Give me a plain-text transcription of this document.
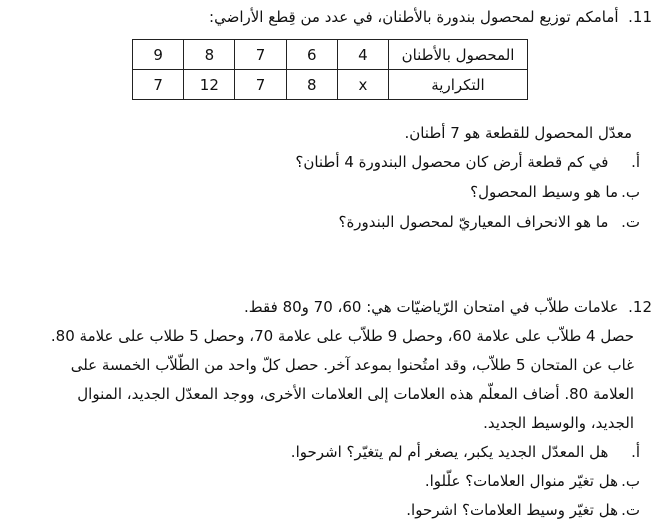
11.  أمامكم توزيع لمحصول بندورة بالأطنان، في عدد من قِطع الأراضي:
المحصول بالأطنان	4	6	7	8	9
التكرارية	x	8	7	12	7
معدّل المحصول للقطعة هو 7 أطنان.
أ.  في كم قطعة أرض كان محصول البندورة 4 أطنان؟
ب.ما هو وسيط المحصول؟
ت.  ما هو الانحراف المعياريّ لمحصول البندورة؟
12.  علامات طلاّب في امتحان الرّياضيّات هي: 60، 70 و80 فقط.
حصل 4 طلاّب على علامة 60، وحصل 9 طلاّب على علامة 70، وحصل 5 طلاب على علامة 80.
غاب عن المتحان 5 طلاّب، وقد امتُحنوا بموعد آخر. حصل كلّ واحد من الطّلاّب الخمسة على
العلامة 80. أضاف المعلّم هذه العلامات إلى العلامات الأخرى، ووجد المعدّل الجديد، المنوال
الجديد، والوسيط الجديد.
أ.  هل المعدّل الجديد يكبر، يصغر أم لم يتغيّر؟ اشرحوا.
ب.هل تغيّر منوال العلامات؟ علّلوا.
ت.هل تغيّر وسيط العلامات؟ اشرحوا.
